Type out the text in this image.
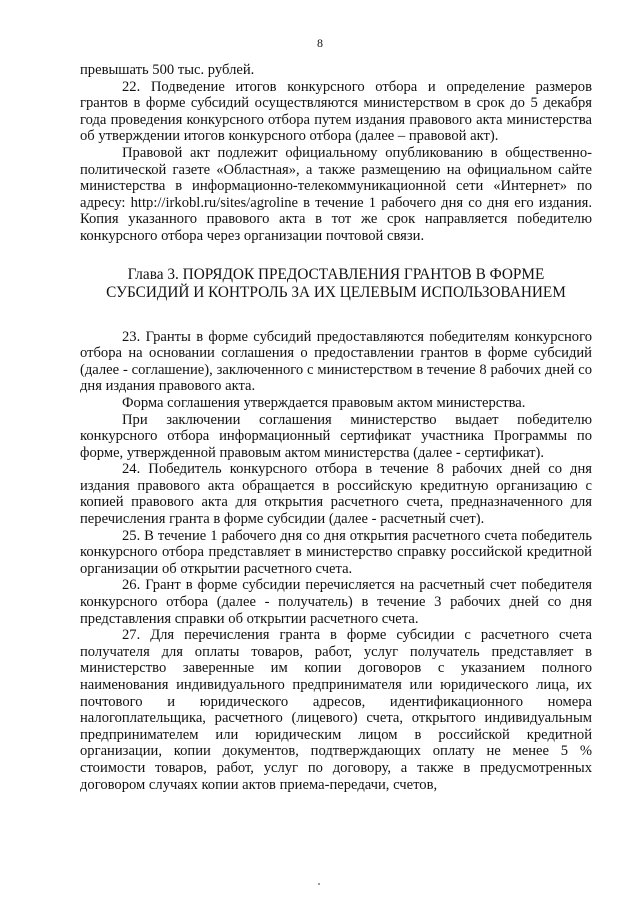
8

превышать 500 тыс. рублей.

22. Подведение итогов конкурсного отбора и определение размеров грантов в форме субсидий осуществляются министерством в срок до 5 декабря года проведения конкурсного отбора путем издания правового акта министерства об утверждении итогов конкурсного отбора (далее – правовой акт).

Правовой акт подлежит официальному опубликованию в общественно-политической газете «Областная», а также размещению на официальном сайте министерства в информационно-телекоммуникационной сети «Интернет» по адресу: http://irkobl.ru/sites/agroline в течение 1 рабочего дня со дня его издания. Копия указанного правового акта в тот же срок направляется победителю конкурсного отбора через организации почтовой связи.

Глава 3. ПОРЯДОК ПРЕДОСТАВЛЕНИЯ ГРАНТОВ В ФОРМЕ СУБСИДИЙ И КОНТРОЛЬ ЗА ИХ ЦЕЛЕВЫМ ИСПОЛЬЗОВАНИЕМ

23. Гранты в форме субсидий предоставляются победителям конкурсного отбора на основании соглашения о предоставлении грантов в форме субсидий (далее - соглашение), заключенного с министерством в течение 8 рабочих дней со дня издания правового акта.

Форма соглашения утверждается правовым актом министерства.

При заключении соглашения министерство выдает победителю конкурсного отбора информационный сертификат участника Программы по форме, утвержденной правовым актом министерства (далее - сертификат).

24. Победитель конкурсного отбора в течение 8 рабочих дней со дня издания правового акта обращается в российскую кредитную организацию с копией правового акта для открытия расчетного счета, предназначенного для перечисления гранта в форме субсидии (далее - расчетный счет).

25. В течение 1 рабочего дня со дня открытия расчетного счета победитель конкурсного отбора представляет в министерство справку российской кредитной организации об открытии расчетного счета.

26. Грант в форме субсидии перечисляется на расчетный счет победителя конкурсного отбора (далее - получатель) в течение 3 рабочих дней со дня представления справки об открытии расчетного счета.

27. Для перечисления гранта в форме субсидии с расчетного счета получателя для оплаты товаров, работ, услуг получатель представляет в министерство заверенные им копии договоров с указанием полного наименования индивидуального предпринимателя или юридического лица, их почтового и юридического адресов, идентификационного номера налогоплательщика, расчетного (лицевого) счета, открытого индивидуальным предпринимателем или юридическим лицом в российской кредитной организации, копии документов, подтверждающих оплату не менее 5 % стоимости товаров, работ, услуг по договору, а также в предусмотренных договором случаях копии актов приема-передачи, счетов,
